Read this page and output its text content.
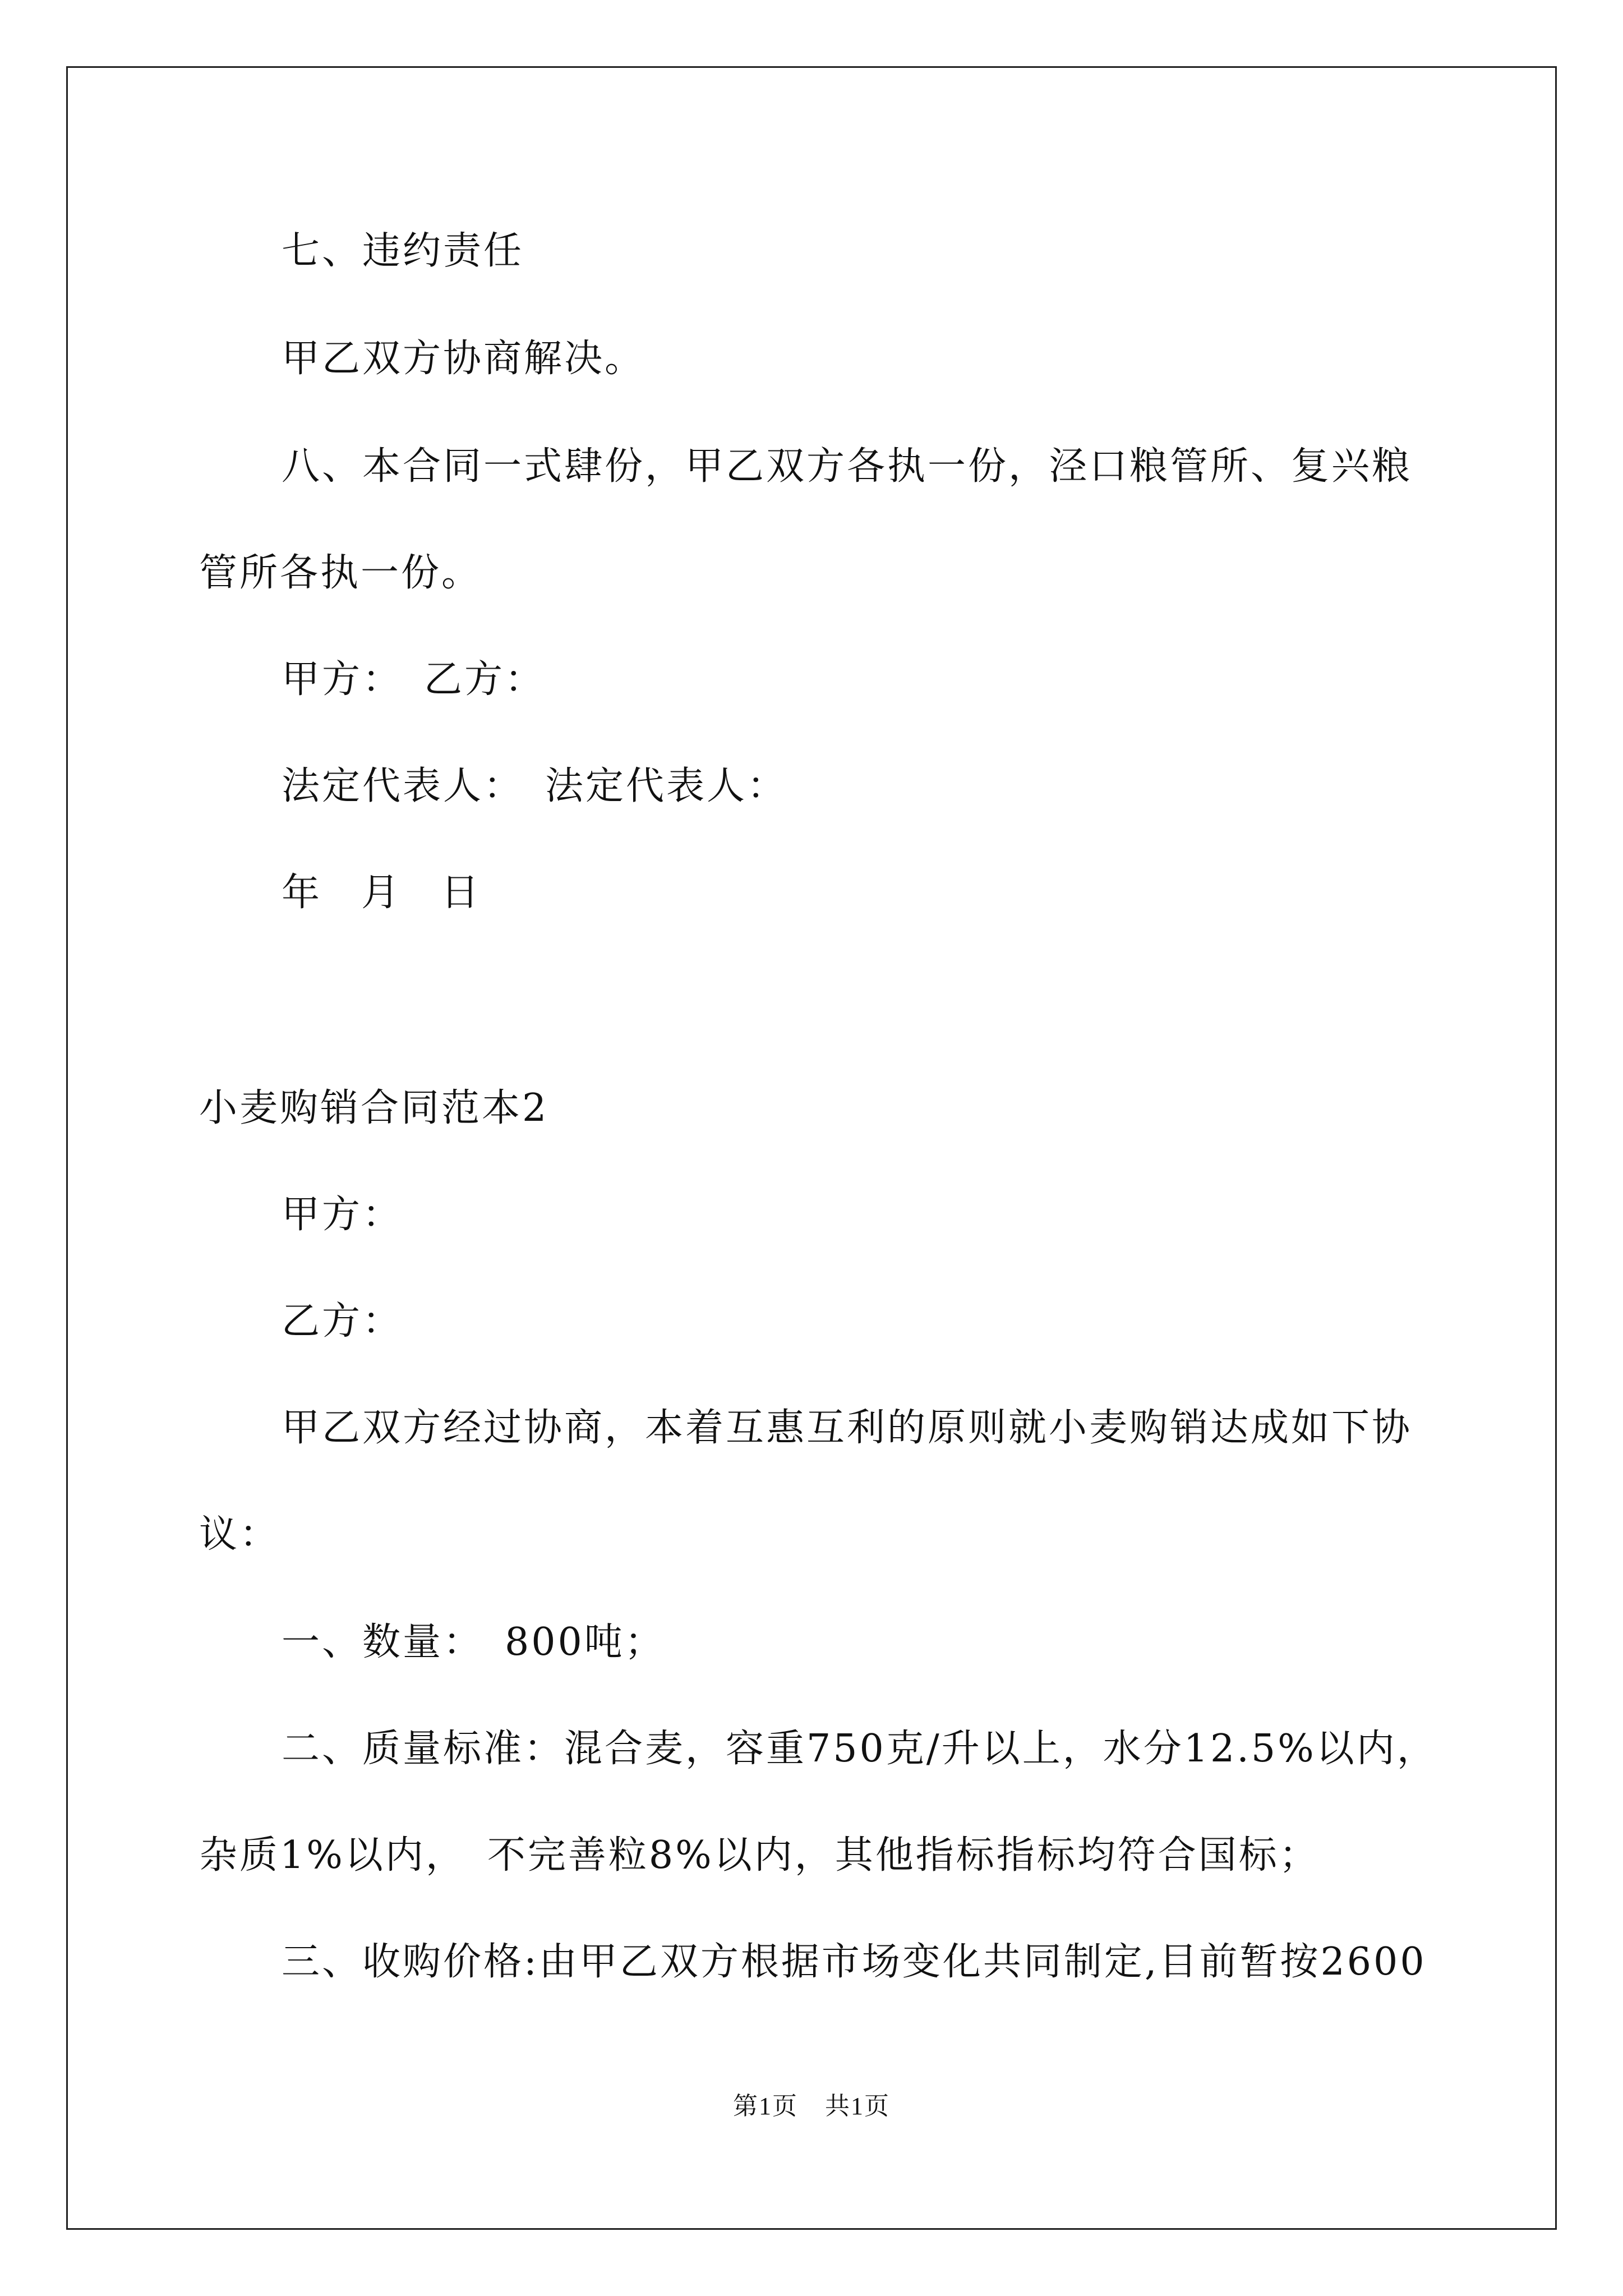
七、违约责任
甲乙双方协商解决。
八、本合同一式肆份，甲乙双方各执一份，泾口粮管所、复兴粮
管所各执一份。
甲方： 乙方：
法定代表人： 法定代表人：
年 月 日
小麦购销合同范本2
甲方：
乙方：
甲乙双方经过协商，本着互惠互利的原则就小麦购销达成如下协
议：
一、数量： 800吨；
二、质量标准：混合麦，容重750克/升以上，水分12.5%以内，
杂质1%以内， 不完善粒8%以内，其他指标指标均符合国标；
三、收购价格:由甲乙双方根据市场变化共同制定,目前暂按2600
第1页 共1页
